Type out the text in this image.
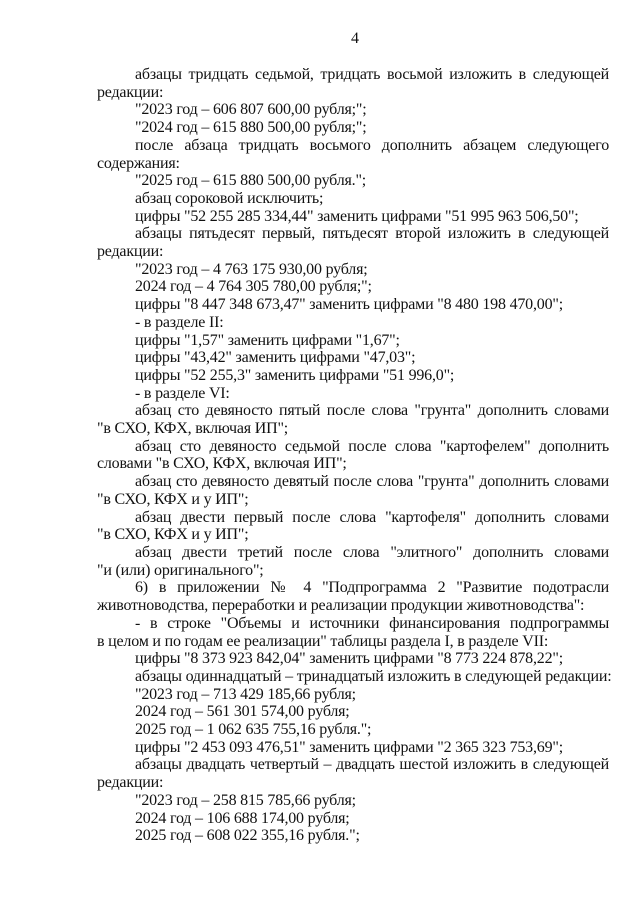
4
абзацы тридцать седьмой, тридцать восьмой изложить в следующей
редакции:
"2023 год – 606 807 600,00 рубля;";
"2024 год – 615 880 500,00 рубля;";
после абзаца тридцать восьмого дополнить абзацем следующего
содержания:
"2025 год – 615 880 500,00 рубля.";
абзац сороковой исключить;
цифры "52 255 285 334,44" заменить цифрами "51 995 963 506,50";
абзацы пятьдесят первый, пятьдесят второй изложить в следующей
редакции:
"2023 год – 4 763 175 930,00 рубля;
2024 год – 4 764 305 780,00 рубля;";
цифры "8 447 348 673,47" заменить цифрами "8 480 198 470,00";
- в разделе II:
цифры "1,57" заменить цифрами "1,67";
цифры "43,42" заменить цифрами "47,03";
цифры "52 255,3" заменить цифрами "51 996,0";
- в разделе VI:
абзац сто девяносто пятый после слова "грунта" дополнить словами
"в СХО, КФХ, включая ИП";
абзац сто девяносто седьмой после слова "картофелем" дополнить
словами "в СХО, КФХ, включая ИП";
абзац сто девяносто девятый после слова "грунта" дополнить словами
"в СХО, КФХ и у ИП";
абзац двести первый после слова "картофеля" дополнить словами
"в СХО, КФХ и у ИП";
абзац двести третий после слова "элитного" дополнить словами
"и (или) оригинального";
6) в приложении № 4 "Подпрограмма 2 "Развитие подотрасли
животноводства, переработки и реализации продукции животноводства":
- в строке "Объемы и источники финансирования подпрограммы
в целом и по годам ее реализации" таблицы раздела I, в разделе VII:
цифры "8 373 923 842,04" заменить цифрами "8 773 224 878,22";
абзацы одиннадцатый – тринадцатый изложить в следующей редакции:
"2023 год – 713 429 185,66 рубля;
2024 год – 561 301 574,00 рубля;
2025 год – 1 062 635 755,16 рубля.";
цифры "2 453 093 476,51" заменить цифрами "2 365 323 753,69";
абзацы двадцать четвертый – двадцать шестой изложить в следующей
редакции:
"2023 год – 258 815 785,66 рубля;
2024 год – 106 688 174,00 рубля;
2025 год – 608 022 355,16 рубля.";
